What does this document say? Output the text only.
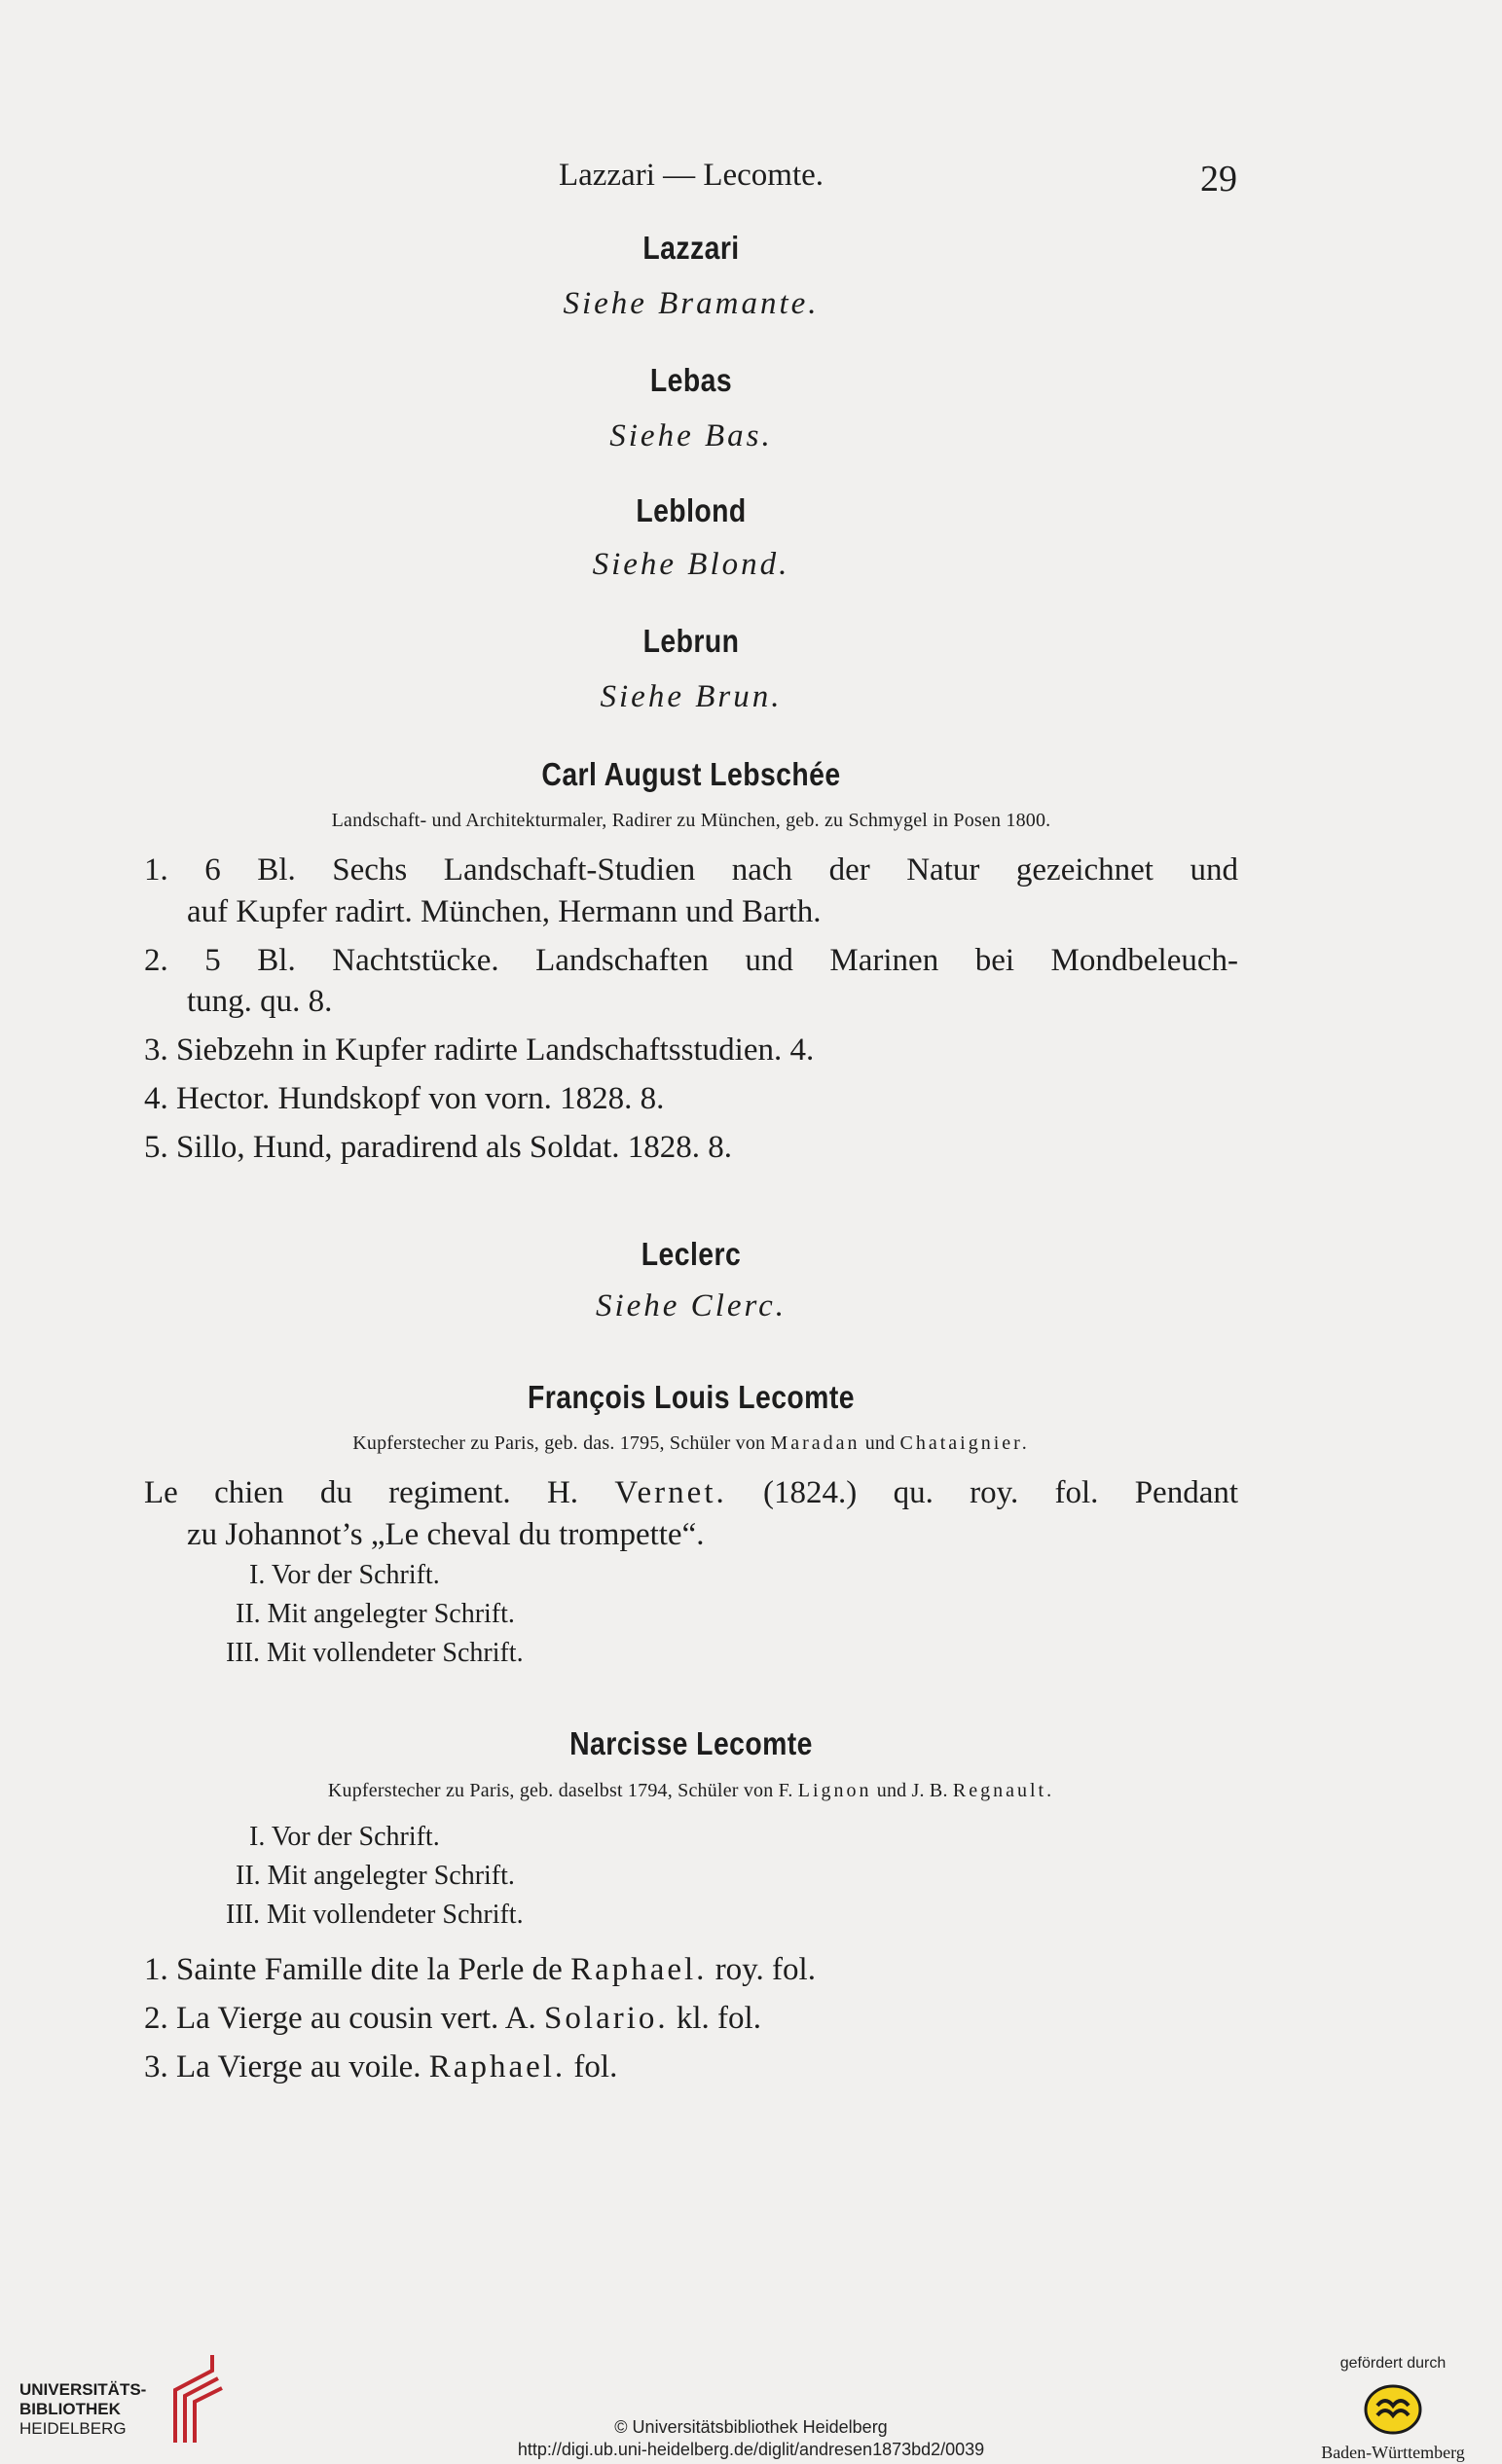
Lazzari — Lecomte.	29
Lazzari
Siehe Bramante.
Lebas
Siehe Bas.
Leblond
Siehe Blond.
Lebrun
Siehe Brun.
Carl August Lebschée
Landschaft- und Architekturmaler, Radirer zu München, geb. zu Schmygel in Posen 1800.
1. 6 Bl. Sechs Landschaft-Studien nach der Natur gezeichnet und
auf Kupfer radirt. München, Hermann und Barth.
2. 5 Bl. Nachtstücke. Landschaften und Marinen bei Mondbeleuch-
tung. qu. 8.
3. Siebzehn in Kupfer radirte Landschaftsstudien. 4.
4. Hector. Hundskopf von vorn. 1828. 8.
5. Sillo, Hund, paradirend als Soldat. 1828. 8.
Leclerc
Siehe Clerc.
François Louis Lecomte
Kupferstecher zu Paris, geb. das. 1795, Schüler von Maradan und Chataignier.
Le chien du regiment. H. Vernet. (1824.) qu. roy. fol. Pendant
zu Johannot’s „Le cheval du trompette“.
I. Vor der Schrift.
II. Mit angelegter Schrift.
III. Mit vollendeter Schrift.
Narcisse Lecomte
Kupferstecher zu Paris, geb. daselbst 1794, Schüler von F. Lignon und J. B. Regnault.
I. Vor der Schrift.
II. Mit angelegter Schrift.
III. Mit vollendeter Schrift.
1. Sainte Famille dite la Perle de Raphael. roy. fol.
2. La Vierge au cousin vert. A. Solario. kl. fol.
3. La Vierge au voile. Raphael. fol.
UNIVERSITÄTS-
BIBLIOTHEK
HEIDELBERG	© Universitätsbibliothek Heidelberg
http://digi.ub.uni-heidelberg.de/diglit/andresen1873bd2/0039
gefördert durch
Baden-Württemberg
